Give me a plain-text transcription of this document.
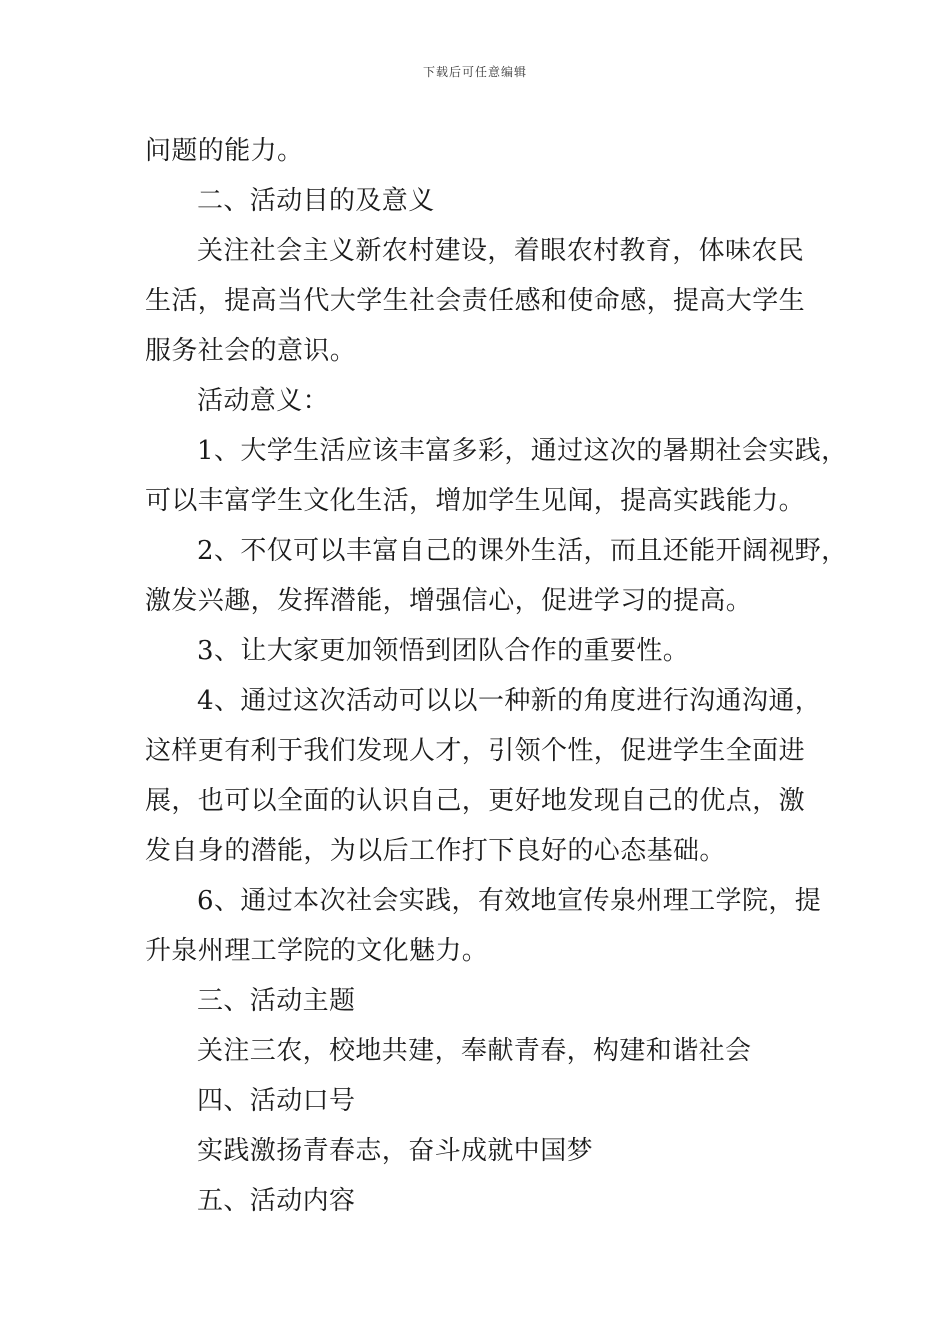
下载后可任意编辑
问题的能力。
二、活动目的及意义
关注社会主义新农村建设，着眼农村教育，体味农民
生活，提高当代大学生社会责任感和使命感，提高大学生
服务社会的意识。
活动意义：
1、大学生活应该丰富多彩，通过这次的暑期社会实践，
可以丰富学生文化生活，增加学生见闻，提高实践能力。
2、不仅可以丰富自己的课外生活，而且还能开阔视野，
激发兴趣，发挥潜能，增强信心，促进学习的提高。
3、让大家更加领悟到团队合作的重要性。
4、通过这次活动可以以一种新的角度进行沟通沟通，
这样更有利于我们发现人才，引领个性，促进学生全面进
展，也可以全面的认识自己，更好地发现自己的优点，激
发自身的潜能，为以后工作打下良好的心态基础。
6、通过本次社会实践，有效地宣传泉州理工学院，提
升泉州理工学院的文化魅力。
三、活动主题
关注三农，校地共建，奉献青春，构建和谐社会
四、活动口号
实践激扬青春志，奋斗成就中国梦
五、活动内容
